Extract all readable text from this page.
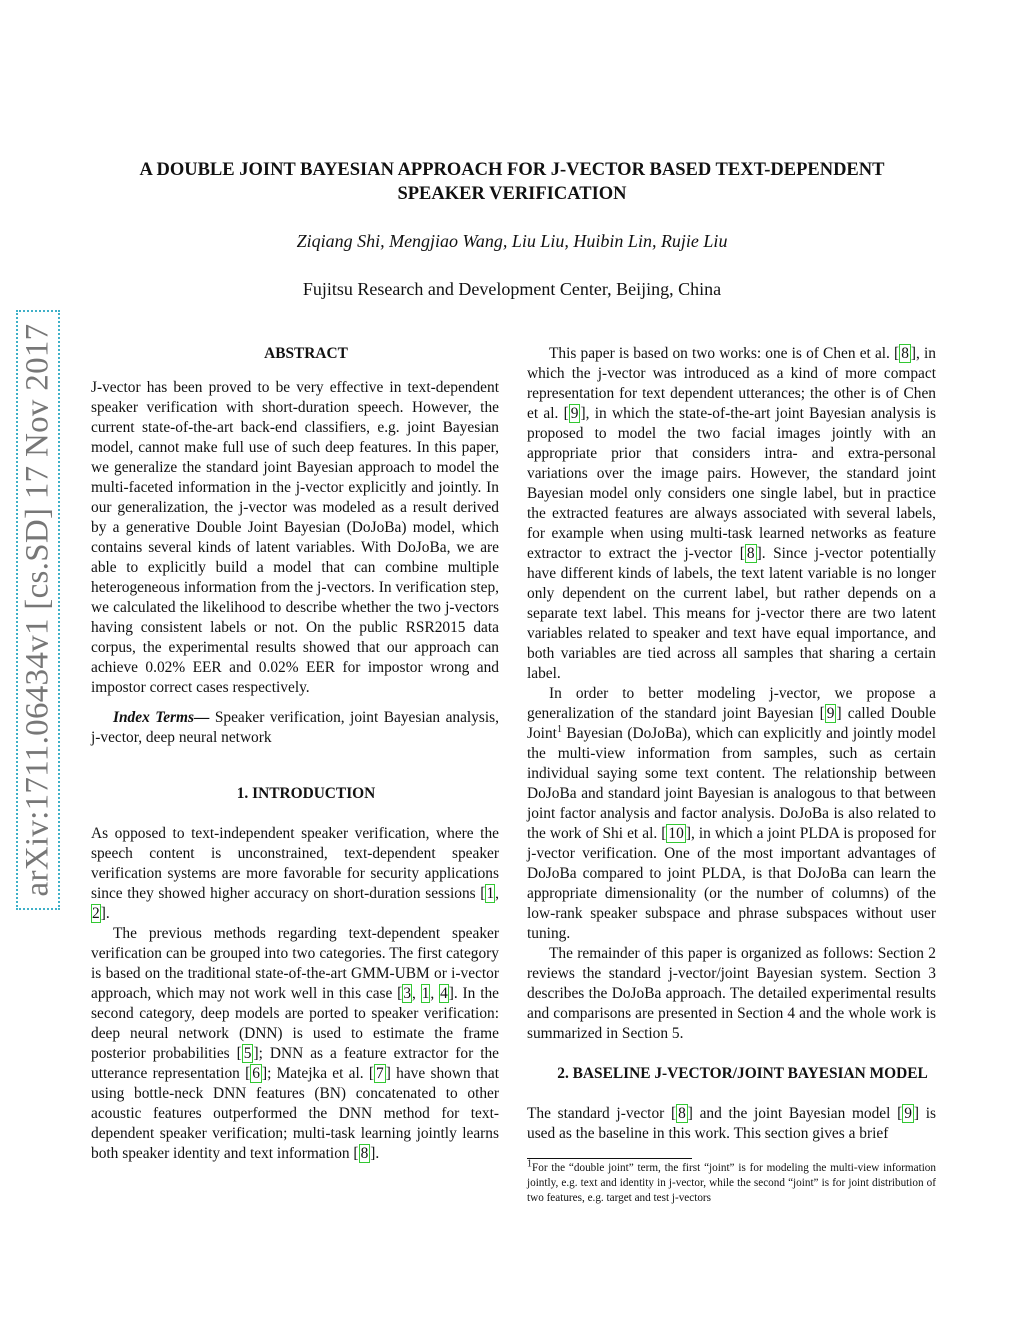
arXiv:1711.06434v1 [cs.SD] 17 Nov 2017
A DOUBLE JOINT BAYESIAN APPROACH FOR J-VECTOR BASED TEXT-DEPENDENT
SPEAKER VERIFICATION
Ziqiang Shi, Mengjiao Wang, Liu Liu, Huibin Lin, Rujie Liu
Fujitsu Research and Development Center, Beijing, China

ABSTRACT

J-vector has been proved to be very effective in text-dependent speaker verification with short-duration speech. However, the current state-of-the-art back-end classifiers, e.g. joint Bayesian model, cannot make full use of such deep features. In this paper, we generalize the standard joint Bayesian approach to model the multi-faceted information in the j-vector explicitly and jointly. In our generalization, the j-vector was modeled as a result derived by a generative Double Joint Bayesian (DoJoBa) model, which contains several kinds of latent variables. With DoJoBa, we are able to explicitly build a model that can combine multiple heterogeneous information from the j-vectors. In verification step, we calculated the likelihood to describe whether the two j-vectors having consistent labels or not. On the public RSR2015 data corpus, the experimental results showed that our approach can achieve 0.02% EER and 0.02% EER for impostor wrong and impostor correct cases respectively.

Index Terms— Speaker verification, joint Bayesian analysis, j-vector, deep neural network

1. INTRODUCTION

As opposed to text-independent speaker verification, where the speech content is unconstrained, text-dependent speaker verification systems are more favorable for security applications since they showed higher accuracy on short-duration sessions [1, 2].

The previous methods regarding text-dependent speaker verification can be grouped into two categories. The first category is based on the traditional state-of-the-art GMM-UBM or i-vector approach, which may not work well in this case [3, 1, 4]. In the second category, deep models are ported to speaker verification: deep neural network (DNN) is used to estimate the frame posterior probabilities [ 5 ]; DNN as a feature extractor for the utterance representation [ 6 ]; Matejka et al. [ 7 ] have shown that using bottle-neck DNN features (BN) concatenated to other acoustic features outperformed the DNN method for text-dependent speaker verification; multi-task learning jointly learns both speaker identity and text information [ 8 ].

This paper is based on two works: one is of Chen et al. [ 8 ], in which the j-vector was introduced as a kind of more compact representation for text dependent utterances; the other is of Chen et al. [ 9 ], in which the state-of-the-art joint Bayesian analysis is proposed to model the two facial images jointly with an appropriate prior that considers intra- and extra-personal variations over the image pairs. However, the standard joint Bayesian model only considers one single label, but in practice the extracted features are always associated with several labels, for example when using multi-task learned networks as feature extractor to extract the j-vector [ 8 ]. Since j-vector potentially have different kinds of labels, the text latent variable is no longer only dependent on the current label, but rather depends on a separate text label. This means for j-vector there are two latent variables related to speaker and text have equal importance, and both variables are tied across all samples that sharing a certain label.

In order to better modeling j-vector, we propose a generalization of the standard joint Bayesian [ 9 ] called Double Joint$^1$ Bayesian (DoJoBa), which can explicitly and jointly model the multi-view information from samples, such as certain individual saying some text content. The relationship between DoJoBa and standard joint Bayesian is analogous to that between joint factor analysis and factor analysis. DoJoBa is also related to the work of Shi et al. [ 10 ], in which a joint PLDA is proposed for j-vector verification. One of the most important advantages of DoJoBa compared to joint PLDA, is that DoJoBa can learn the appropriate dimensionality (or the number of columns) of the low-rank speaker subspace and phrase subspaces without user tuning.

The remainder of this paper is organized as follows: Section 2 reviews the standard j-vector/joint Bayesian system. Section 3 describes the DoJoBa approach. The detailed experimental results and comparisons are presented in Section 4 and the whole work is summarized in Section 5.

2. BASELINE J-VECTOR/JOINT BAYESIAN MODEL

The standard j-vector [ 8 ] and the joint Bayesian model [ 9 ] is used as the baseline in this work. This section gives a brief

$^1$For the “double joint” term, the first “joint” is for modeling the multi-view information jointly, e.g. text and identity in j-vector, while the second “joint” is for joint distribution of two features, e.g. target and test j-vectors
